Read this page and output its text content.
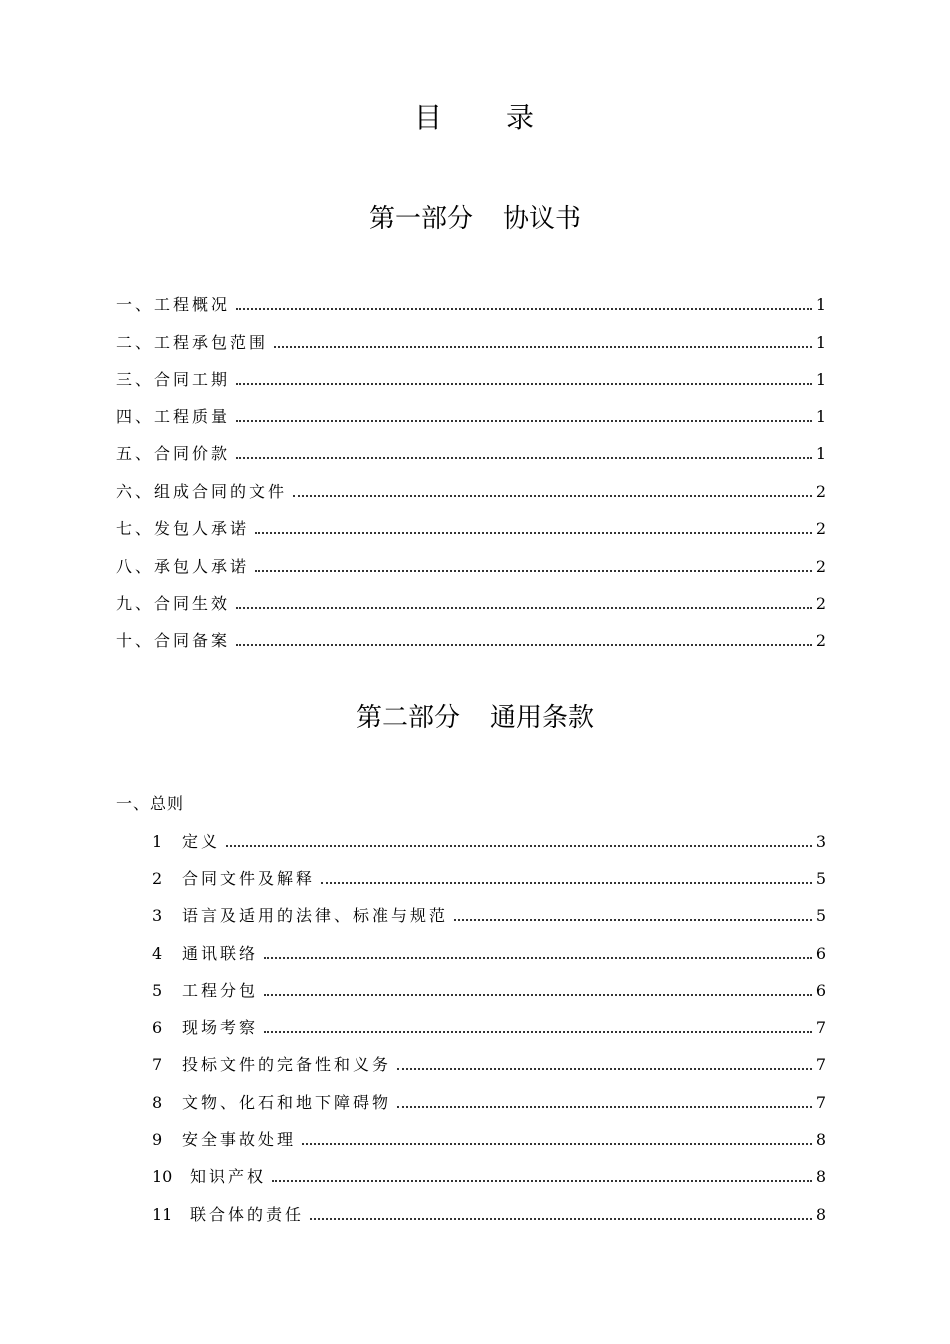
目 录
第一部分 协议书
一、工程概况	1
二、工程承包范围	1
三、合同工期	1
四、工程质量	1
五、合同价款	1
六、组成合同的文件	2
七、发包人承诺	2
八、承包人承诺	2
九、合同生效	2
十、合同备案	2
第二部分 通用条款
一、总则
1	定义	3
2	合同文件及解释	5
3	语言及适用的法律、标准与规范	5
4	通讯联络	6
5	工程分包	6
6	现场考察	7
7	投标文件的完备性和义务	7
8	文物、化石和地下障碍物	7
9	安全事故处理	8
10	知识产权	8
11	联合体的责任	8
